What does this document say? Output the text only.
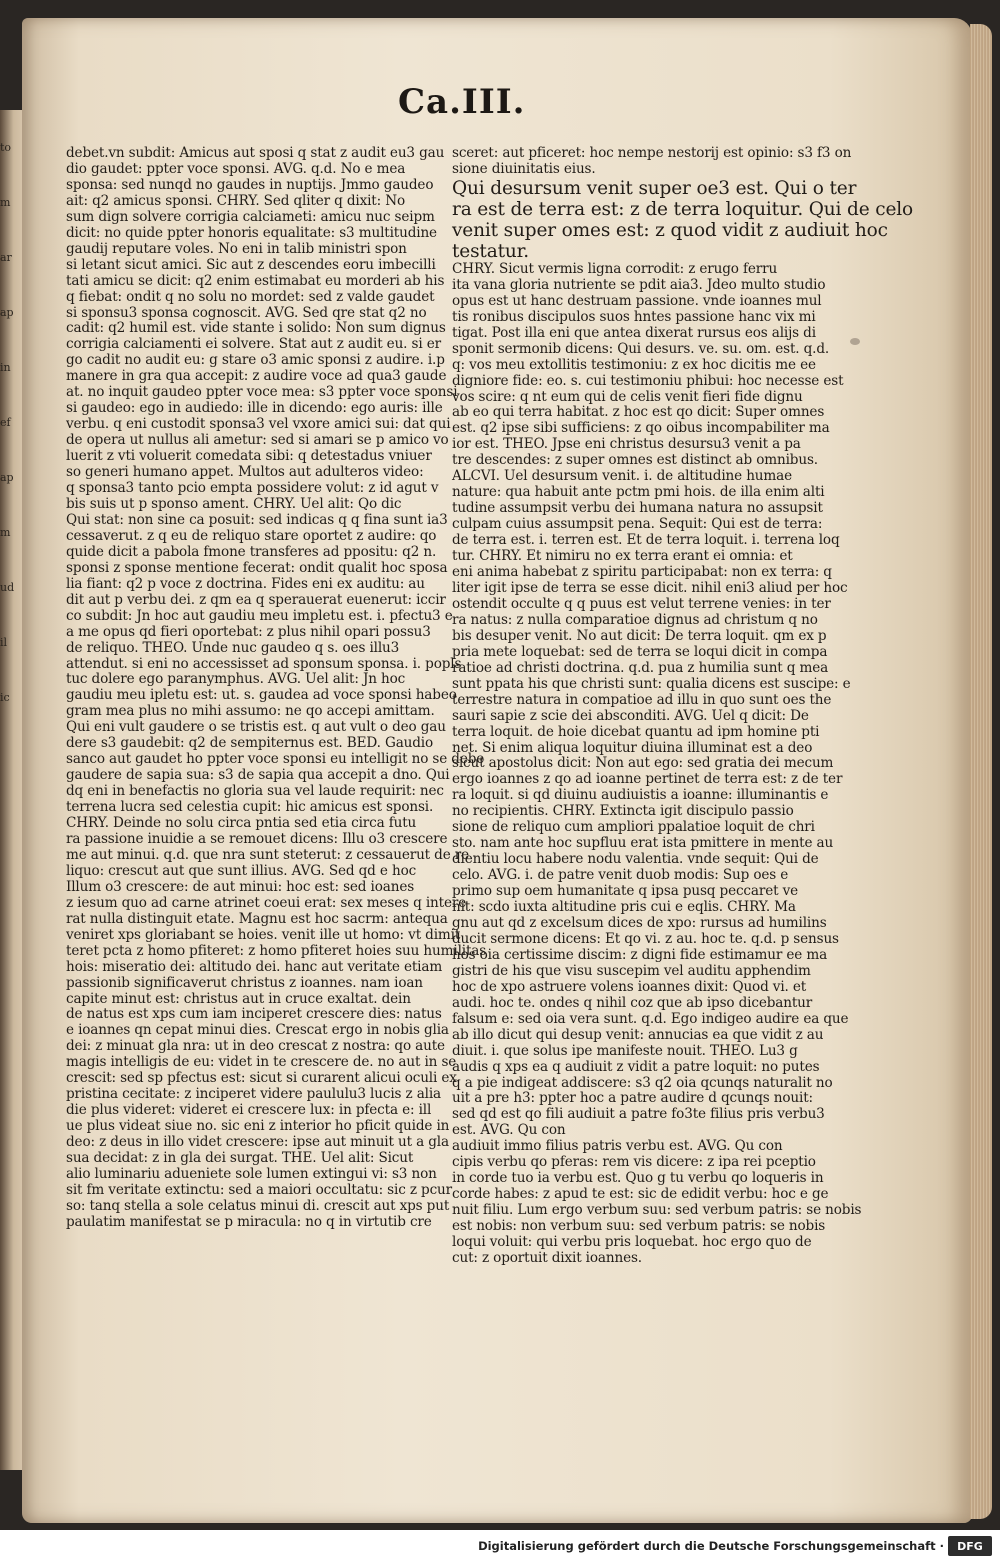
to
m
ar
ap
in
ef
ap
m
ud
il
ic
Ca.III.
debet.vn subdit: Amicus aut sposi q stat z audit eu3 gau
dio gaudet: ppter voce sponsi. AVG. q.d. No e mea
sponsa: sed nunqd no gaudes in nuptijs. Jmmo gaudeo
ait: q2 amicus sponsi. CHRY. Sed qliter q dixit: No
sum dign solvere corrigia calciameti: amicu nuc seipm
dicit: no quide ppter honoris equalitate: s3 multitudine
gaudij reputare voles. No eni in talib ministri spon
si letant sicut amici. Sic aut z descendes eoru imbecilli
tati amicu se dicit: q2 enim estimabat eu morderi ab his
q fiebat: ondit q no solu no mordet: sed z valde gaudet
si sponsu3 sponsa cognoscit. AVG. Sed qre stat q2 no
cadit: q2 humil est. vide stante i solido: Non sum dignus
corrigia calciamenti ei solvere. Stat aut z audit eu. si er
go cadit no audit eu: g stare o3 amic sponsi z audire. i.p
manere in gra qua accepit: z audire voce ad qua3 gaude
at. no inquit gaudeo ppter voce mea: s3 ppter voce sponsi
si gaudeo: ego in audiedo: ille in dicendo: ego auris: ille
verbu. q eni custodit sponsa3 vel vxore amici sui: dat qui
de opera ut nullus ali ametur: sed si amari se p amico vo
luerit z vti voluerit comedata sibi: q detestadus vniuer
so generi humano appet. Multos aut adulteros video:
q sponsa3 tanto pcio empta possidere volut: z id agut v
bis suis ut p sponso ament. CHRY. Uel alit: Qo dic
Qui stat: non sine ca posuit: sed indicas q q fina sunt ia3
cessaverut. z q eu de reliquo stare oportet z audire: qo
quide dicit a pabola fmone transferes ad ppositu: q2 n.
sponsi z sponse mentione fecerat: ondit qualit hoc sposa
lia fiant: q2 p voce z doctrina. Fides eni ex auditu: au
dit aut p verbu dei. z qm ea q sperauerat euenerut: iccir
co subdit: Jn hoc aut gaudiu meu impletu est. i. pfectu3 e
a me opus qd fieri oportebat: z plus nihil opari possu3
de reliquo. THEO. Unde nuc gaudeo q s. oes illu3
attendut. si eni no accessisset ad sponsum sponsa. i. popls
tuc dolere ego paranymphus. AVG. Uel alit: Jn hoc
gaudiu meu ipletu est: ut. s. gaudea ad voce sponsi habeo
gram mea plus no mihi assumo: ne qo accepi amittam.
Qui eni vult gaudere o se tristis est. q aut vult o deo gau
dere s3 gaudebit: q2 de sempiternus est. BED. Gaudio
sanco aut gaudet ho ppter voce sponsi eu intelligit no se debe
gaudere de sapia sua: s3 de sapia qua accepit a dno. Qui
dq eni in benefactis no gloria sua vel laude requirit: nec
terrena lucra sed celestia cupit: hic amicus est sponsi.
CHRY. Deinde no solu circa pntia sed etia circa futu
ra passione inuidie a se remouet dicens: Illu o3 crescere
me aut minui. q.d. que nra sunt steterut: z cessauerut de re
liquo: crescut aut que sunt illius. AVG. Sed qd e hoc
Illum o3 crescere: de aut minui: hoc est: sed ioanes
z iesum quo ad carne atrinet coeui erat: sex meses q intere
rat nulla distinguit etate. Magnu est hoc sacrm: antequa
veniret xps gloriabant se hoies. venit ille ut homo: vt dimit
teret pcta z homo pfiteret: z homo pfiteret hoies suu humilitas
hois: miseratio dei: altitudo dei. hanc aut veritate etiam
passionib significaverut christus z ioannes. nam ioan
capite minut est: christus aut in cruce exaltat. dein
de natus est xps cum iam inciperet crescere dies: natus
e ioannes qn cepat minui dies. Crescat ergo in nobis glia
dei: z minuat gla nra: ut in deo crescat z nostra: qo aute
magis intelligis de eu: videt in te crescere de. no aut in se
crescit: sed sp pfectus est: sicut si curarent alicui oculi ex
pristina cecitate: z inciperet videre paululu3 lucis z alia
die plus videret: videret ei crescere lux: in pfecta e: ill
ue plus videat siue no. sic eni z interior ho pficit quide in
deo: z deus in illo videt crescere: ipse aut minuit ut a gla
sua decidat: z in gla dei surgat. THE. Uel alit: Sicut
alio luminariu adueniete sole lumen extingui vi: s3 non
sit fm veritate extinctu: sed a maiori occultatu: sic z pcur
so: tanq stella a sole celatus minui di. crescit aut xps put
paulatim manifestat se p miracula: no q in virtutib cre
sceret: aut pficeret: hoc nempe nestorij est opinio: s3 f3 on
sione diuinitatis eius.
Qui desursum venit super oe3 est. Qui o ter
ra est de terra est: z de terra loquitur. Qui de celo
venit super omes est: z quod vidit z audiuit hoc
testatur.
CHRY. Sicut vermis ligna corrodit: z erugo ferru
ita vana gloria nutriente se pdit aia3. Jdeo multo studio
opus est ut hanc destruam passione. vnde ioannes mul
tis ronibus discipulos suos hntes passione hanc vix mi
tigat. Post illa eni que antea dixerat rursus eos alijs di
sponit sermonib dicens: Qui desurs. ve. su. om. est. q.d.
q: vos meu extollitis testimoniu: z ex hoc dicitis me ee
digniore fide: eo. s. cui testimoniu phibui: hoc necesse est
vos scire: q nt eum qui de celis venit fieri fide dignu
ab eo qui terra habitat. z hoc est qo dicit: Super omnes
est. q2 ipse sibi sufficiens: z qo oibus incompabiliter ma
ior est. THEO. Jpse eni christus desursu3 venit a pa
tre descendes: z super omnes est distinct ab omnibus.
ALCVI. Uel desursum venit. i. de altitudine humae
nature: qua habuit ante pctm pmi hois. de illa enim alti
tudine assumpsit verbu dei humana natura no assupsit
culpam cuius assumpsit pena. Sequit: Qui est de terra:
de terra est. i. terren est. Et de terra loquit. i. terrena loq
tur. CHRY. Et nimiru no ex terra erant ei omnia: et
eni anima habebat z spiritu participabat: non ex terra: q
liter igit ipse de terra se esse dicit. nihil eni3 aliud per hoc
ostendit occulte q q puus est velut terrene venies: in ter
ra natus: z nulla comparatioe dignus ad christum q no
bis desuper venit. No aut dicit: De terra loquit. qm ex p
pria mete loquebat: sed de terra se loqui dicit in compa
ratioe ad christi doctrina. q.d. pua z humilia sunt q mea
sunt ppata his que christi sunt: qualia dicens est suscipe: e
terrestre natura in compatioe ad illu in quo sunt oes the
sauri sapie z scie dei absconditi. AVG. Uel q dicit: De
terra loquit. de hoie dicebat quantu ad ipm homine pti
net. Si enim aliqua loquitur diuina illuminat est a deo
sicut apostolus dicit: Non aut ego: sed gratia dei mecum
ergo ioannes z qo ad ioanne pertinet de terra est: z de ter
ra loquit. si qd diuinu audiuistis a ioanne: illuminantis e
no recipientis. CHRY. Extincta igit discipulo passio
sione de reliquo cum ampliori ppalatioe loquit de chri
sto. nam ante hoc supfluu erat ista pmittere in mente au
dientiu locu habere nodu valentia. vnde sequit: Qui de
celo. AVG. i. de patre venit duob modis: Sup oes e
primo sup oem humanitate q ipsa pusq peccaret ve
nit: scdo iuxta altitudine pris cui e eqlis. CHRY. Ma
gnu aut qd z excelsum dices de xpo: rursus ad humilins
ducit sermone dicens: Et qo vi. z au. hoc te. q.d. p sensus
hos oia certissime discim: z digni fide estimamur ee ma
gistri de his que visu suscepim vel auditu apphendim
hoc de xpo astruere volens ioannes dixit: Quod vi. et
audi. hoc te. ondes q nihil coz que ab ipso dicebantur
falsum e: sed oia vera sunt. q.d. Ego indigeo audire ea que
ab illo dicut qui desup venit: annucias ea que vidit z au
diuit. i. que solus ipe manifeste nouit. THEO. Lu3 g
audis q xps ea q audiuit z vidit a patre loquit: no putes
q a pie indigeat addiscere: s3 q2 oia qcunqs naturalit no
uit a pre h3: ppter hoc a patre audire d qcunqs nouit:
sed qd est qo fili audiuit a patre fo3te filius pris verbu3
est. AVG. Qu con
audiuit immo filius patris verbu est. AVG. Qu con
cipis verbu qo pferas: rem vis dicere: z ipa rei pceptio
in corde tuo ia verbu est. Quo g tu verbu qo loqueris in
corde habes: z apud te est: sic de edidit verbu: hoc e ge
nuit filiu. Lum ergo verbum suu: sed verbum patris: se nobis
est nobis: non verbum suu: sed verbum patris: se nobis
loqui voluit: qui verbu pris loquebat. hoc ergo quo de
cut: z oportuit dixit ioannes.
Digitalisierung gefördert durch die Deutsche Forschungsgemeinschaft ·	DFG
